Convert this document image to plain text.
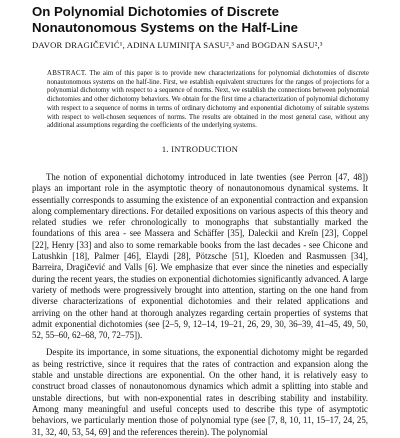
On Polynomial Dichotomies of Discrete Nonautonomous Systems on the Half-Line
DAVOR DRAGIČEVIĆ¹, ADINA LUMINIŢA SASU²,³ and BOGDAN SASU²,³
ABSTRACT. The aim of this paper is to provide new characterizations for polynomial dichotomies of discrete nonautonomous systems on the half-line. First, we establish equivalent structures for the ranges of projections for a polynomial dichotomy with respect to a sequence of norms. Next, we establish the connections between polynomial dichotomies and other dichotomy behaviors. We obtain for the first time a characterization of polynomial dichotomy with respect to a sequence of norms in terms of ordinary dichotomy and exponential dichotomy of suitable systems with respect to well-chosen sequences of norms. The results are obtained in the most general case, without any additional assumptions regarding the coefficients of the underlying systems.
1. INTRODUCTION

The notion of exponential dichotomy introduced in late twenties (see Perron [47, 48]) plays an important role in the asymptotic theory of nonautonomous dynamical systems. It essentially corresponds to assuming the existence of an exponential contraction and expansion along complementary directions. For detailed expositions on various aspects of this theory and related studies we refer chronologically to monographs that substantially marked the foundations of this area - see Massera and Schäffer [35], Daleckii and Kreĭn [23], Coppel [22], Henry [33] and also to some remarkable books from the last decades - see Chicone and Latushkin [18], Palmer [46], Elaydi [28], Pötzsche [51], Kloeden and Rasmussen [34], Barreira, Dragičević and Valls [6]. We emphasize that ever since the nineties and especially during the recent years, the studies on exponential dichotomies significantly advanced. A large variety of methods were progressively brought into attention, starting on the one hand from diverse characterizations of exponential dichotomies and their related applications and arriving on the other hand at thorough analyzes regarding certain properties of systems that admit exponential dichotomies (see [2–5, 9, 12–14, 19–21, 26, 29, 30, 36–39, 41–45, 49, 50, 52, 55–60, 62–68, 70, 72–75]).

Despite its importance, in some situations, the exponential dichotomy might be regarded as being restrictive, since it requires that the rates of contraction and expansion along the stable and unstable directions are exponential. On the other hand, it is relatively easy to construct broad classes of nonautonomous dynamics which admit a splitting into stable and unstable directions, but with non-exponential rates in describing stability and instability. Among many meaningful and useful concepts used to describe this type of asymptotic behaviors, we particularly mention those of polynomial type (see [7, 8, 10, 11, 15–17, 24, 25, 31, 32, 40, 53, 54, 69] and the references therein). The polynomial
